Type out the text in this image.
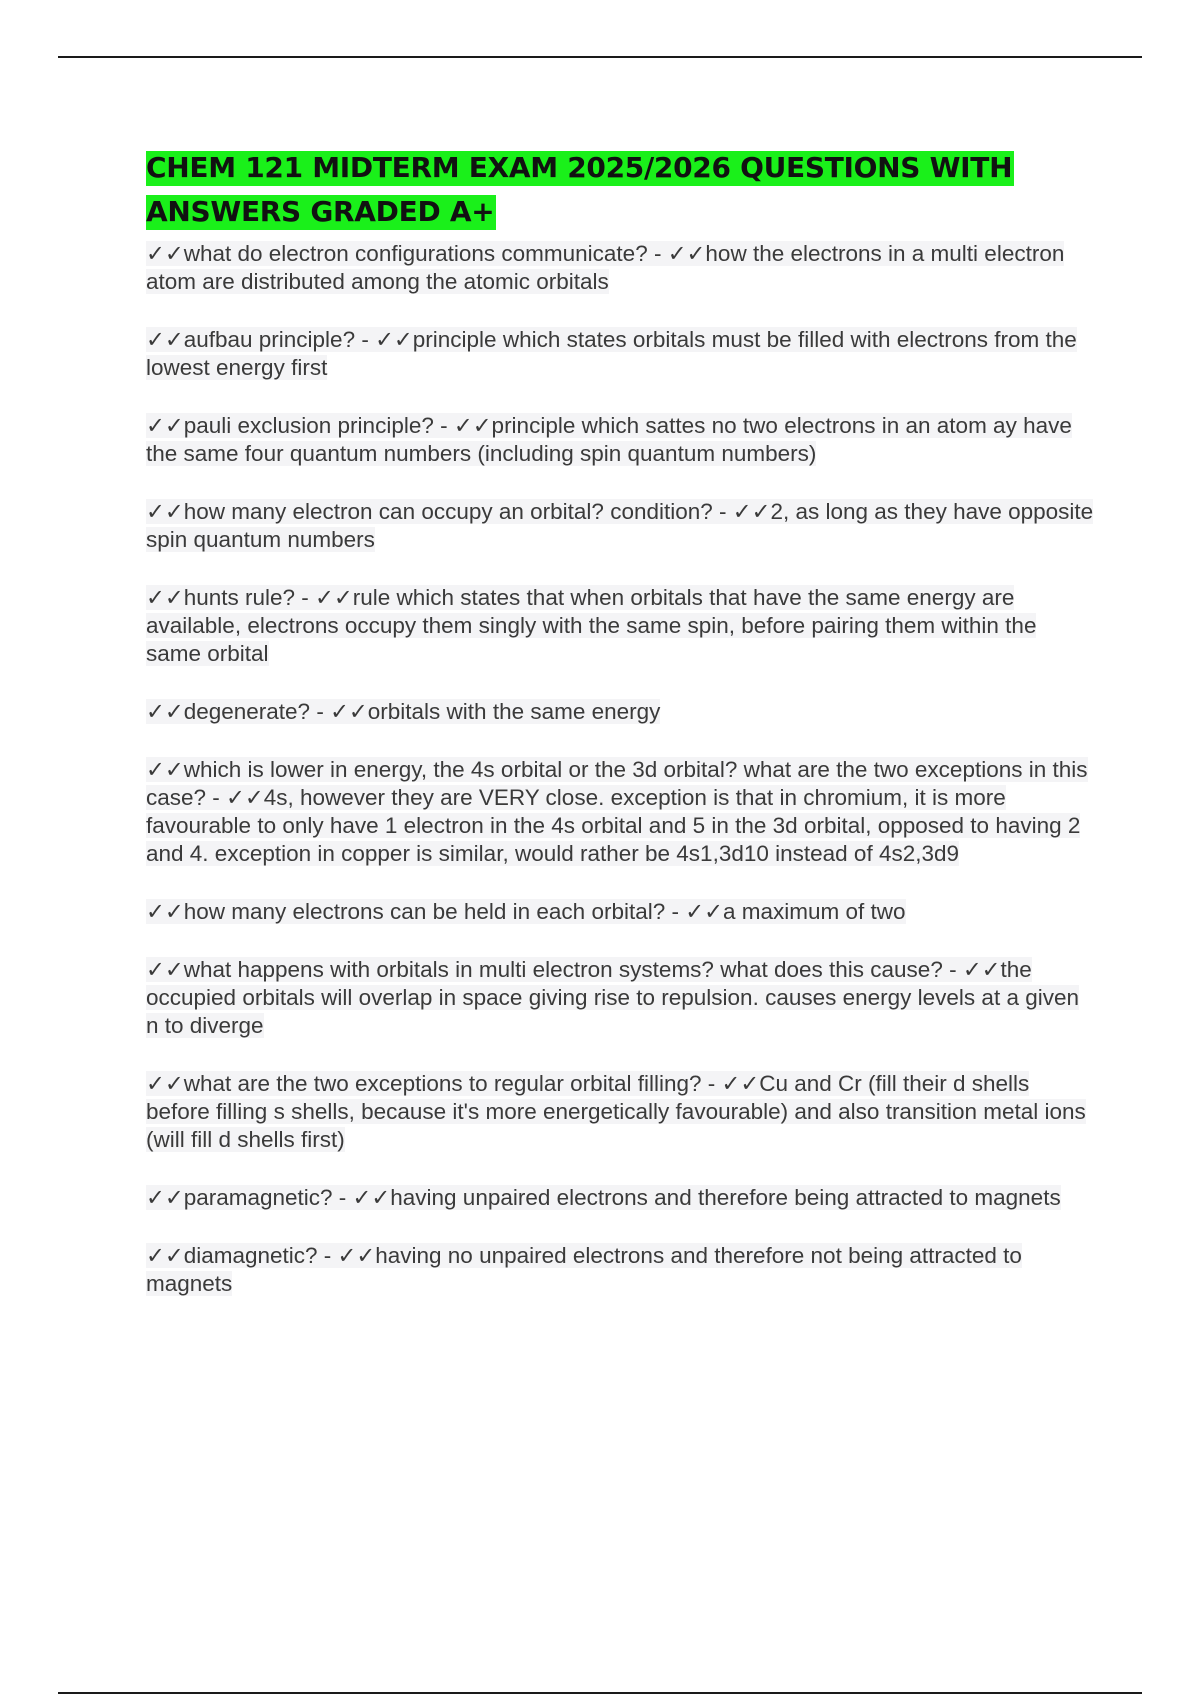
CHEM 121 MIDTERM EXAM 2025/2026 QUESTIONS WITH ANSWERS GRADED A+
✓✓what do electron configurations communicate? - ✓✓how the electrons in a multi electron atom are distributed among the atomic orbitals
✓✓aufbau principle? - ✓✓principle which states orbitals must be filled with electrons from the lowest energy first
✓✓pauli exclusion principle? - ✓✓principle which sattes no two electrons in an atom ay have the same four quantum numbers (including spin quantum numbers)
✓✓how many electron can occupy an orbital? condition? - ✓✓2, as long as they have opposite spin quantum numbers
✓✓hunts rule? - ✓✓rule which states that when orbitals that have the same energy are available, electrons occupy them singly with the same spin, before pairing them within the same orbital
✓✓degenerate? - ✓✓orbitals with the same energy
✓✓which is lower in energy, the 4s orbital or the 3d orbital? what are the two exceptions in this case? - ✓✓4s, however they are VERY close. exception is that in chromium, it is more favourable to only have 1 electron in the 4s orbital and 5 in the 3d orbital, opposed to having 2 and 4. exception in copper is similar, would rather be 4s1,3d10 instead of 4s2,3d9
✓✓how many electrons can be held in each orbital? - ✓✓a maximum of two
✓✓what happens with orbitals in multi electron systems? what does this cause? - ✓✓the occupied orbitals will overlap in space giving rise to repulsion. causes energy levels at a given n to diverge
✓✓what are the two exceptions to regular orbital filling? - ✓✓Cu and Cr (fill their d shells before filling s shells, because it's more energetically favourable) and also transition metal ions (will fill d shells first)
✓✓paramagnetic? - ✓✓having unpaired electrons and therefore being attracted to magnets
✓✓diamagnetic? - ✓✓having no unpaired electrons and therefore not being attracted to magnets
